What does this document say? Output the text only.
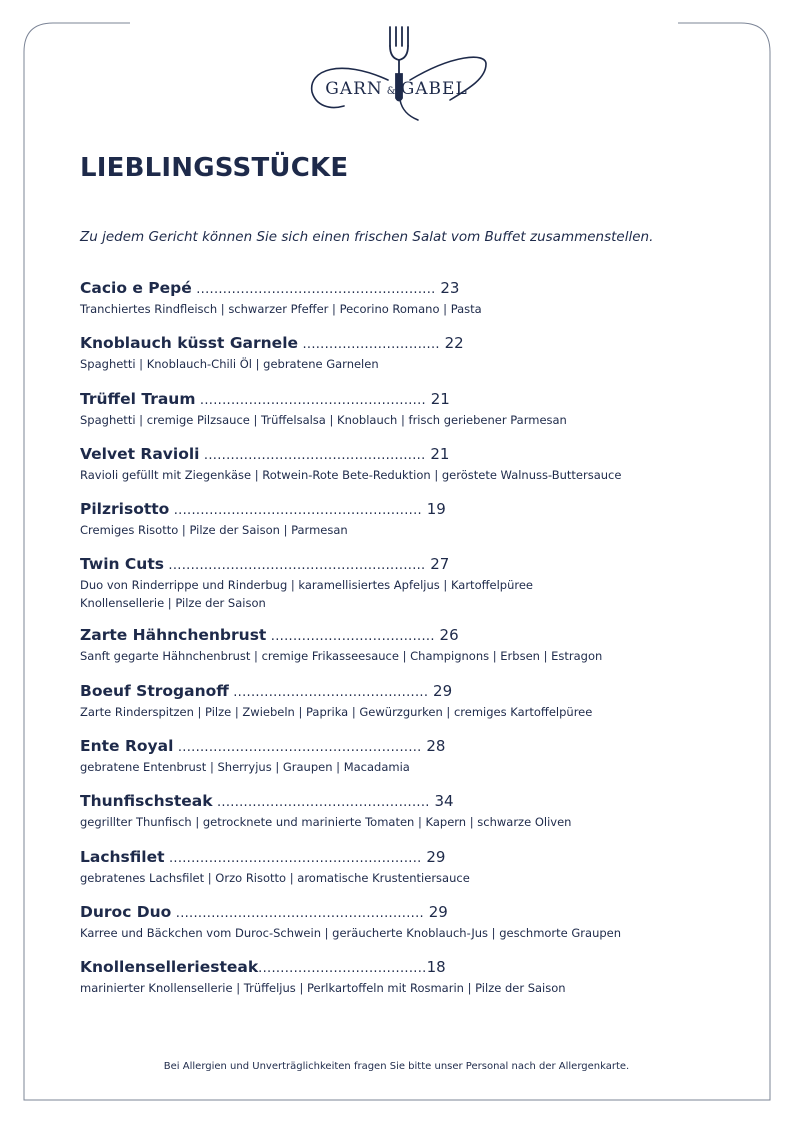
GARN & GABEL
LIEBLINGSSTÜCKE

Zu jedem Gericht können Sie sich einen frischen Salat vom Buffet zusammenstellen.

Cacio e Pepé ...................................................... 23

Tranchiertes Rindfleisch | schwarzer Pfeffer | Pecorino Romano | Pasta

Knoblauch küsst Garnele ............................... 22

Spaghetti | Knoblauch-Chili Öl | gebratene Garnelen

Trüffel Traum ................................................... 21

Spaghetti | cremige Pilzsauce | Trüffelsalsa | Knoblauch | frisch geriebener Parmesan

Velvet Ravioli .................................................. 21

Ravioli gefüllt mit Ziegenkäse | Rotwein-Rote Bete-Reduktion | geröstete Walnuss-Buttersauce

Pilzrisotto ........................................................ 19

Cremiges Risotto | Pilze der Saison | Parmesan

Twin Cuts .......................................................... 27

Duo von Rinderrippe und Rinderbug | karamellisiertes Apfeljus | Kartoffelpüree

Knollensellerie | Pilze der Saison

Zarte Hähnchenbrust ..................................... 26

Sanft gegarte Hähnchenbrust | cremige Frikasseesauce | Champignons | Erbsen | Estragon

Boeuf Stroganoff ............................................ 29

Zarte Rinderspitzen | Pilze | Zwiebeln | Paprika | Gewürzgurken | cremiges Kartoffelpüree

Ente Royal ....................................................... 28

gebratene Entenbrust | Sherryjus | Graupen | Macadamia

Thunfischsteak ................................................ 34

gegrillter Thunfisch | getrocknete und marinierte Tomaten | Kapern | schwarze Oliven

Lachsfilet ......................................................... 29

gebratenes Lachsfilet | Orzo Risotto | aromatische Krustentiersauce

Duroc Duo ........................................................ 29

Karree und Bäckchen vom Duroc-Schwein | geräucherte Knoblauch-Jus | geschmorte Graupen

Knollenselleriesteak......................................18

marinierter Knollensellerie | Trüffeljus | Perlkartoffeln mit Rosmarin | Pilze der Saison

Bei Allergien und Unverträglichkeiten fragen Sie bitte unser Personal nach der Allergenkarte.
